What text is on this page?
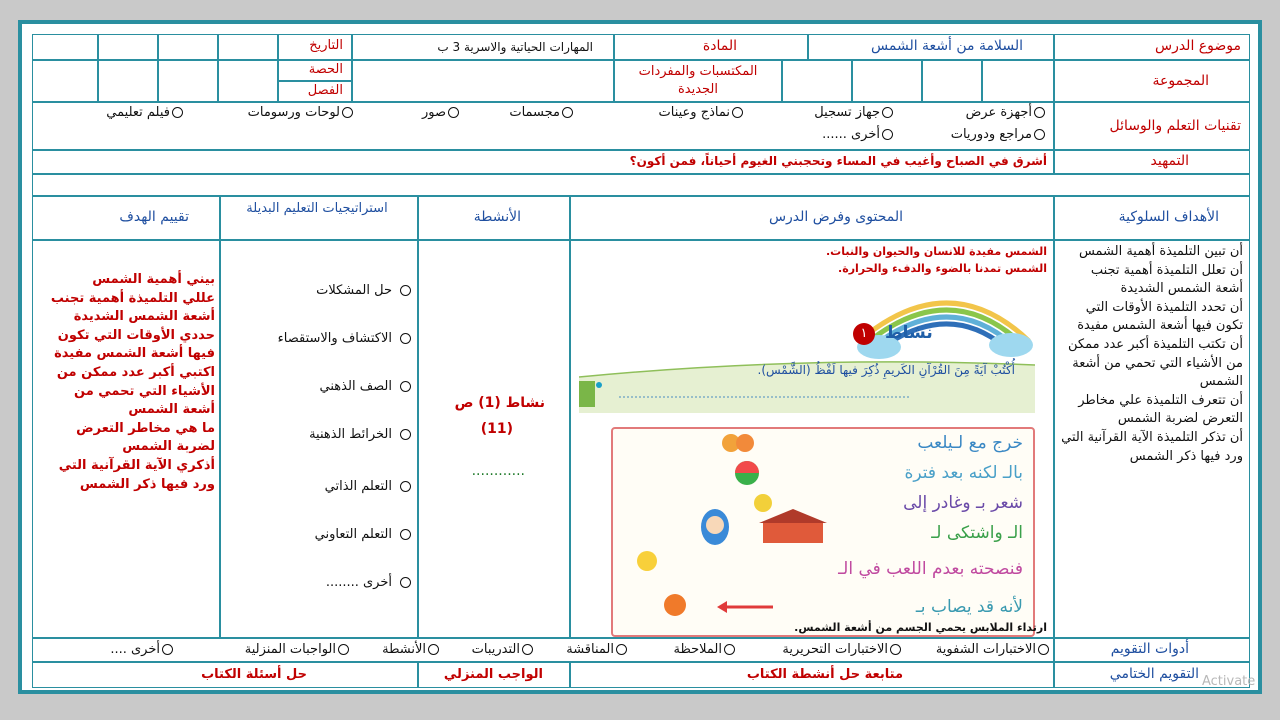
موضوع الدرس
السلامة من أشعة الشمس
المادة
المهارات الحياتية والاسرية 3 ب
التاريخ
المجموعة
المكتسبات والمفردات الجديدة
الحصة
الفصل
تقنيات التعلم والوسائل
أجهزة عرض
جهاز تسجيل
نماذج وعينات
مجسمات
صور
لوحات ورسومات
فيلم تعليمي
مراجع ودوريات
أخرى ......
التمهيد
أشرق في الصباح وأغيب في المساء وتحجبني الغيوم أحياناً، فمن أكون؟
الأهداف السلوكية
المحتوى وفرض الدرس
الأنشطة
استراتيجيات التعليم البديلة
تقييم الهدف
أن تبين التلميذة أهمية الشمس
أن تعلل التلميذة أهمية تجنب أشعة الشمس الشديدة
أن تحدد التلميذة الأوقات التي تكون فيها أشعة الشمس مفيدة
أن تكتب التلميذة أكبر عدد ممكن من الأشياء التي تحمي من أشعة الشمس
أن تتعرف التلميذة علي مخاطر التعرض لضربة الشمس
أن تذكر التلميذة الآية القرآنية التي ورد فيها ذكر الشمس
الشمس مفيدة للانسان والحيوان والنبات.
الشمس تمدنا بالضوء والدفء والحرارة.
نشاط
١
أُكْتُبْ آيَةً مِنَ القُرْآنِ الكَريمِ ذُكِرَ فيها لَفْظُ (الشَّمْس).
خرج مع لـيلعب
بالـ لكنه بعد فترة
شعر بـ وغادر إلى
الـ واشتكى لـ
فنصحته بعدم اللعب في الـ
لأنه قد يصاب بـ
ارتداء الملابس يحمي الجسم من أشعة الشمس.
نشاط (1) ص
(11)
............
حل المشكلات
الاكتشاف والاستقصاء
الصف الذهني
الخرائط الذهنية
التعلم الذاتي
التعلم التعاوني
أخرى ........
بيني أهمية الشمس
عللي التلميذة أهمية تجنب أشعة الشمس الشديدة
حددي الأوقات التي تكون فيها أشعة الشمس مفيدة
اكتبي أكبر عدد ممكن من الأشياء التي تحمي من أشعة الشمس
ما هي مخاطر التعرض لضربة الشمس
أذكري الآية القرآنية التي ورد فيها ذكر الشمس
أدوات التقويم
الاختبارات الشفوية
الاختبارات التحريرية
الملاحظة
المناقشة
التدريبات
الأنشطة
الواجبات المنزلية
أخرى ....
التقويم الختامي
متابعة حل أنشطة الكتاب
الواجب المنزلي
حل أسئلة الكتاب	Activate
